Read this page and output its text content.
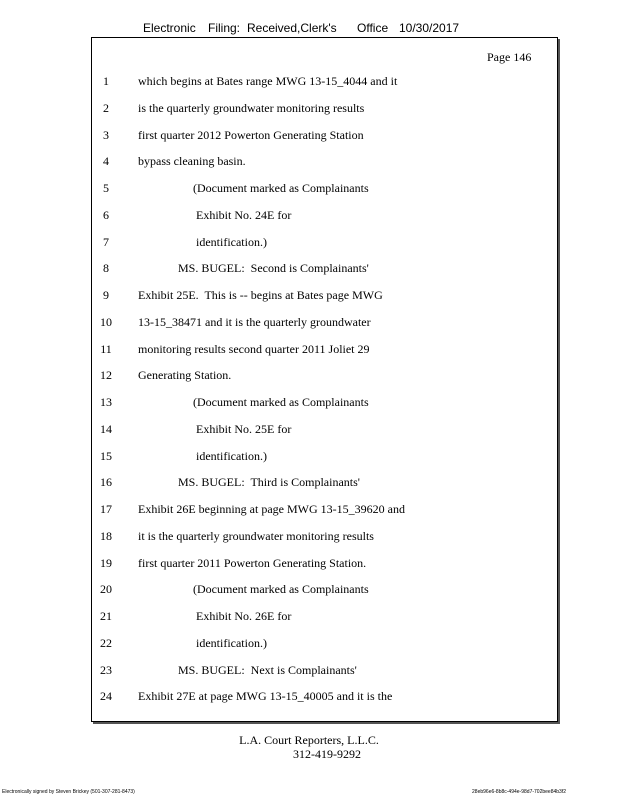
Electronic Filing: Received,Clerk's Office 10/30/2017
Page 146
1	which begins at Bates range MWG 13-15_4044 and it
2	is the quarterly groundwater monitoring results
3	first quarter 2012 Powerton Generating Station
4	bypass cleaning basin.
5	(Document marked as Complainants
6	Exhibit No. 24E for
7	identification.)
8	MS. BUGEL:  Second is Complainants'
9	Exhibit 25E.  This is -- begins at Bates page MWG
10	13-15_38471 and it is the quarterly groundwater
11	monitoring results second quarter 2011 Joliet 29
12	Generating Station.
13	(Document marked as Complainants
14	Exhibit No. 25E for
15	identification.)
16	MS. BUGEL:  Third is Complainants'
17	Exhibit 26E beginning at page MWG 13-15_39620 and
18	it is the quarterly groundwater monitoring results
19	first quarter 2011 Powerton Generating Station.
20	(Document marked as Complainants
21	Exhibit No. 26E for
22	identification.)
23	MS. BUGEL:  Next is Complainants'
24	Exhibit 27E at page MWG 13-15_40005 and it is the
L.A. Court Reporters, L.L.C.
312-419-9292
Electronically signed by Steven Brickey (501-307-281-8473)	28eb96e6-8b8c-494e-98d7-702bee84b3f2
